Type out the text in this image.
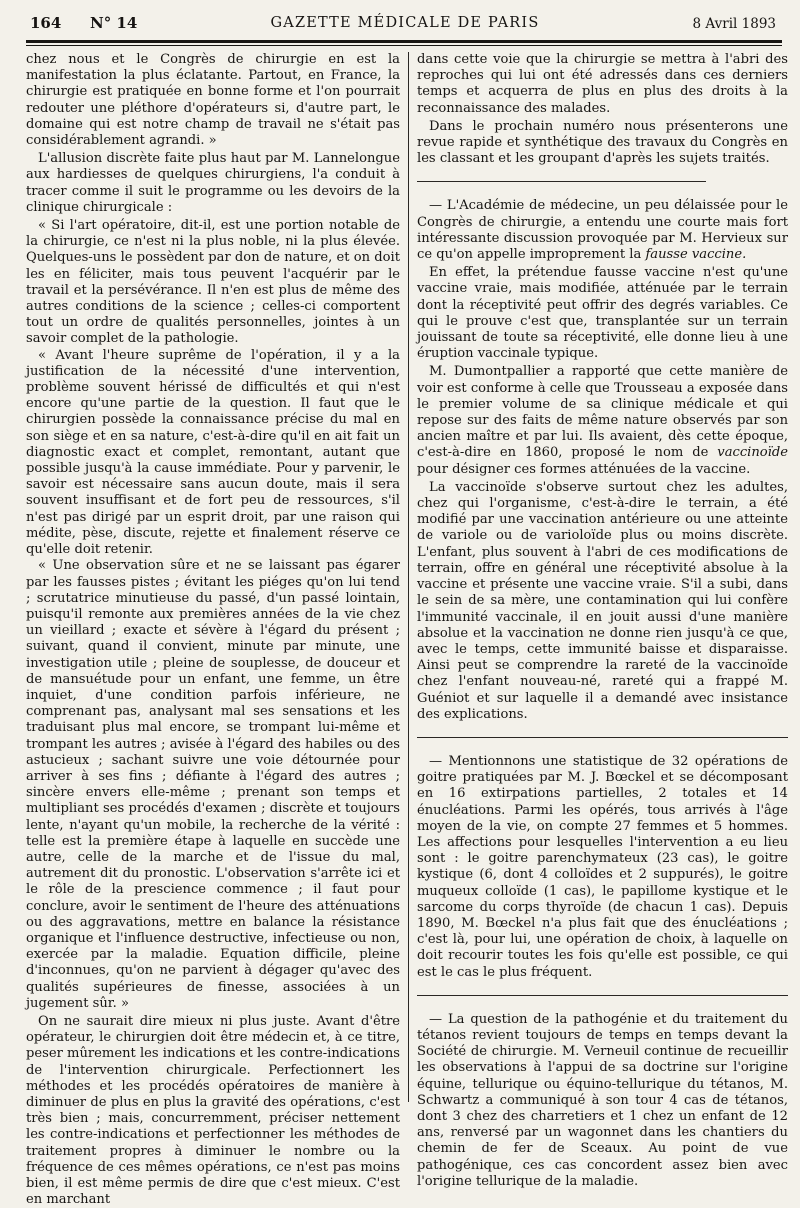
164 N° 14	GAZETTE MÉDICALE DE PARIS	8 Avril 1893

chez nous et le Congrès de chirurgie en est la manifestation la plus éclatante. Partout, en France, la chirurgie est pratiquée en bonne forme et l'on pourrait redouter une pléthore d'opérateurs si, d'autre part, le domaine qui est notre champ de travail ne s'était pas considérablement agrandi. »

L'allusion discrète faite plus haut par M. Lannelongue aux hardiesses de quelques chirurgiens, l'a conduit à tracer comme il suit le programme ou les devoirs de la clinique chirurgicale :

« Si l'art opératoire, dit-il, est une portion notable de la chirurgie, ce n'est ni la plus noble, ni la plus élevée. Quelques-uns le possèdent par don de nature, et on doit les en féliciter, mais tous peuvent l'acquérir par le travail et la persévérance. Il n'en est plus de même des autres conditions de la science ; celles-ci comportent tout un ordre de qualités personnelles, jointes à un savoir complet de la pathologie.

« Avant l'heure suprême de l'opération, il y a la justification de la nécessité d'une intervention, problème souvent hérissé de difficultés et qui n'est encore qu'une partie de la question. Il faut que le chirurgien possède la connaissance précise du mal en son siège et en sa nature, c'est-à-dire qu'il en ait fait un diagnostic exact et complet, remontant, autant que possible jusqu'à la cause immédiate. Pour y parvenir, le savoir est nécessaire sans aucun doute, mais il sera souvent insuffisant et de fort peu de ressources, s'il n'est pas dirigé par un esprit droit, par une raison qui médite, pèse, discute, rejette et finalement réserve ce qu'elle doit retenir.

« Une observation sûre et ne se laissant pas égarer par les fausses pistes ; évitant les piéges qu'on lui tend ; scrutatrice minutieuse du passé, d'un passé lointain, puisqu'il remonte aux premières années de la vie chez un vieillard ; exacte et sévère à l'égard du présent ; suivant, quand il convient, minute par minute, une investigation utile ; pleine de souplesse, de douceur et de mansuétude pour un enfant, une femme, un être inquiet, d'une condition parfois inférieure, ne comprenant pas, analysant mal ses sensations et les traduisant plus mal encore, se trompant lui-même et trompant les autres ; avisée à l'égard des habiles ou des astucieux ; sachant suivre une voie détournée pour arriver à ses fins ; défiante à l'égard des autres ; sincère envers elle-même ; prenant son temps et multipliant ses procédés d'examen ; discrète et toujours lente, n'ayant qu'un mobile, la recherche de la vérité : telle est la première étape à laquelle en succède une autre, celle de la marche et de l'issue du mal, autrement dit du pronostic. L'observation s'arrête ici et le rôle de la prescience commence ; il faut pour conclure, avoir le sentiment de l'heure des atténuations ou des aggravations, mettre en balance la résistance organique et l'influence destructive, infectieuse ou non, exercée par la maladie. Equation difficile, pleine d'inconnues, qu'on ne parvient à dégager qu'avec des qualités supérieures de finesse, associées à un jugement sûr. »

On ne saurait dire mieux ni plus juste. Avant d'être opérateur, le chirurgien doit être médecin et, à ce titre, peser mûrement les indications et les contre-indications de l'intervention chirurgicale. Perfectionnert les méthodes et les procédés opératoires de manière à diminuer de plus en plus la gravité des opérations, c'est très bien ; mais, concurremment, préciser nettement les contre-indications et perfectionner les méthodes de traitement propres à diminuer le nombre ou la fréquence de ces mêmes opérations, ce n'est pas moins bien, il est même permis de dire que c'est mieux. C'est en marchant

dans cette voie que la chirurgie se mettra à l'abri des reproches qui lui ont été adressés dans ces derniers temps et acquerra de plus en plus des droits à la reconnaissance des malades.

Dans le prochain numéro nous présenterons une revue rapide et synthétique des travaux du Congrès en les classant et les groupant d'après les sujets traités.

— L'Académie de médecine, un peu délaissée pour le Congrès de chirurgie, a entendu une courte mais fort intéressante discussion provoquée par M. Hervieux sur ce qu'on appelle improprement la fausse vaccine.

En effet, la prétendue fausse vaccine n'est qu'une vaccine vraie, mais modifiée, atténuée par le terrain dont la réceptivité peut offrir des degrés variables. Ce qui le prouve c'est que, transplantée sur un terrain jouissant de toute sa réceptivité, elle donne lieu à une éruption vaccinale typique.

M. Dumontpallier a rapporté que cette manière de voir est conforme à celle que Trousseau a exposée dans le premier volume de sa clinique médicale et qui repose sur des faits de même nature observés par son ancien maître et par lui. Ils avaient, dès cette époque, c'est-à-dire en 1860, proposé le nom de vaccinoïde pour désigner ces formes atténuées de la vaccine.

La vaccinoïde s'observe surtout chez les adultes, chez qui l'organisme, c'est-à-dire le terrain, a été modifié par une vaccination antérieure ou une atteinte de variole ou de varioloïde plus ou moins discrète. L'enfant, plus souvent à l'abri de ces modifications de terrain, offre en général une réceptivité absolue à la vaccine et présente une vaccine vraie. S'il a subi, dans le sein de sa mère, une contamination qui lui confère l'immunité vaccinale, il en jouit aussi d'une manière absolue et la vaccination ne donne rien jusqu'à ce que, avec le temps, cette immunité baisse et disparaisse. Ainsi peut se comprendre la rareté de la vaccinoïde chez l'enfant nouveau-né, rareté qui a frappé M. Guéniot et sur laquelle il a demandé avec insistance des explications.

— Mentionnons une statistique de 32 opérations de goitre pratiquées par M. J. Bœckel et se décomposant en 16 extirpations partielles, 2 totales et 14 énucléations. Parmi les opérés, tous arrivés à l'âge moyen de la vie, on compte 27 femmes et 5 hommes. Les affections pour lesquelles l'intervention a eu lieu sont : le goitre parenchymateux (23 cas), le goitre kystique (6, dont 4 colloïdes et 2 suppurés), le goitre muqueux colloïde (1 cas), le papillome kystique et le sarcome du corps thyroïde (de chacun 1 cas). Depuis 1890, M. Bœckel n'a plus fait que des énucléations ; c'est là, pour lui, une opération de choix, à laquelle on doit recourir toutes les fois qu'elle est possible, ce qui est le cas le plus fréquent.

— La question de la pathogénie et du traitement du tétanos revient toujours de temps en temps devant la Société de chirurgie. M. Verneuil continue de recueillir les observations à l'appui de sa doctrine sur l'origine équine, tellurique ou équino-tellurique du tétanos, M. Schwartz a communiqué à son tour 4 cas de tétanos, dont 3 chez des charretiers et 1 chez un enfant de 12 ans, renversé par un wagonnet dans les chantiers du chemin de fer de Sceaux. Au point de vue pathogénique, ces cas concordent assez bien avec l'origine tellurique de la maladie.
